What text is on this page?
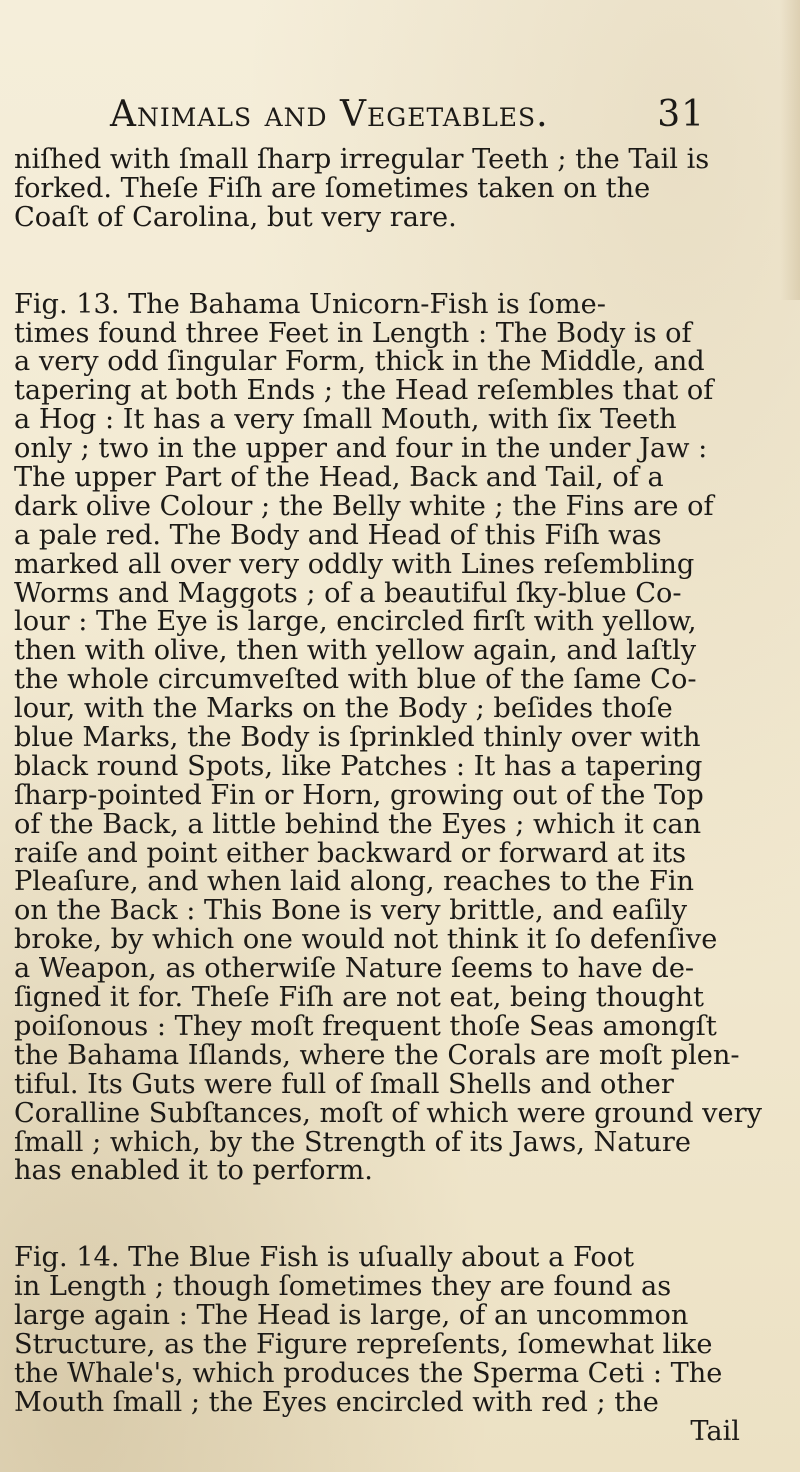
Animals and Vegetables.	31
niſhed with ſmall ſharp irregular Teeth ; the Tail is
forked. Theſe Fiſh are ſometimes taken on the
Coaſt of Carolina, but very rare.
Fig. 13. The Bahama Unicorn-Fish is ſome-
times found three Feet in Length : The Body is of
a very odd ſingular Form, thick in the Middle, and
tapering at both Ends ; the Head reſembles that of
a Hog : It has a very ſmall Mouth, with ſix Teeth
only ; two in the upper and four in the under Jaw :
The upper Part of the Head, Back and Tail, of a
dark olive Colour ; the Belly white ; the Fins are of
a pale red. The Body and Head of this Fiſh was
marked all over very oddly with Lines reſembling
Worms and Maggots ; of a beautiful ſky-blue Co-
lour : The Eye is large, encircled firſt with yellow,
then with olive, then with yellow again, and laſtly
the whole circumveſted with blue of the ſame Co-
lour, with the Marks on the Body ; beſides thoſe
blue Marks, the Body is ſprinkled thinly over with
black round Spots, like Patches : It has a tapering
ſharp-pointed Fin or Horn, growing out of the Top
of the Back, a little behind the Eyes ; which it can
raiſe and point either backward or forward at its
Pleaſure, and when laid along, reaches to the Fin
on the Back : This Bone is very brittle, and eaſily
broke, by which one would not think it ſo defenſive
a Weapon, as otherwiſe Nature ſeems to have de-
ſigned it for. Theſe Fiſh are not eat, being thought
poiſonous : They moſt frequent thoſe Seas amongſt
the Bahama Iſlands, where the Corals are moſt plen-
tiful. Its Guts were full of ſmall Shells and other
Coralline Subſtances, moſt of which were ground very
ſmall ; which, by the Strength of its Jaws, Nature
has enabled it to perform.
Fig. 14. The Blue Fish is uſually about a Foot
in Length ; though ſometimes they are found as
large again : The Head is large, of an uncommon
Structure, as the Figure repreſents, ſomewhat like
the Whale's, which produces the Sperma Ceti : The
Mouth ſmall ; the Eyes encircled with red ; the
Tail
